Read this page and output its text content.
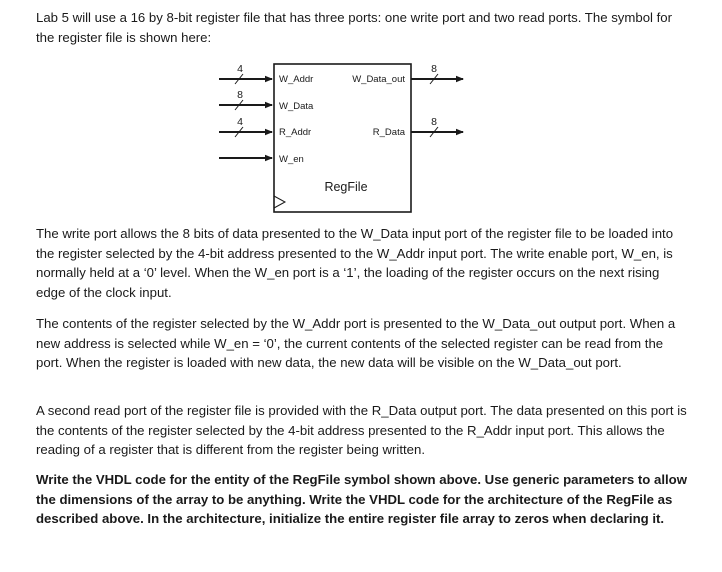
Lab 5 will use a 16 by 8-bit register file that has three ports: one write port and two read ports. The symbol for the register file is shown here:

4
8
4
8
8
W_Addr
W_Data
R_Addr
W_en
W_Data_out
R_Data
RegFile

The write port allows the 8 bits of data presented to the W_Data input port of the register file to be loaded into the register selected by the 4-bit address presented to the W_Addr input port. The write enable port, W_en, is normally held at a ‘0’ level. When the W_en port is a ‘1’, the loading of the register occurs on the next rising edge of the clock input.

The contents of the register selected by the W_Addr port is presented to the W_Data_out output port. When a new address is selected while W_en = ‘0’, the current contents of the selected register can be read from the port. When the register is loaded with new data, the new data will be visible on the W_Data_out port.

A second read port of the register file is provided with the R_Data output port. The data presented on this port is the contents of the register selected by the 4-bit address presented to the R_Addr input port. This allows the reading of a register that is different from the register being written.

Write the VHDL code for the entity of the RegFile symbol shown above. Use generic parameters to allow the dimensions of the array to be anything. Write the VHDL code for the architecture of the RegFile as described above. In the architecture, initialize the entire register file array to zeros when declaring it.
